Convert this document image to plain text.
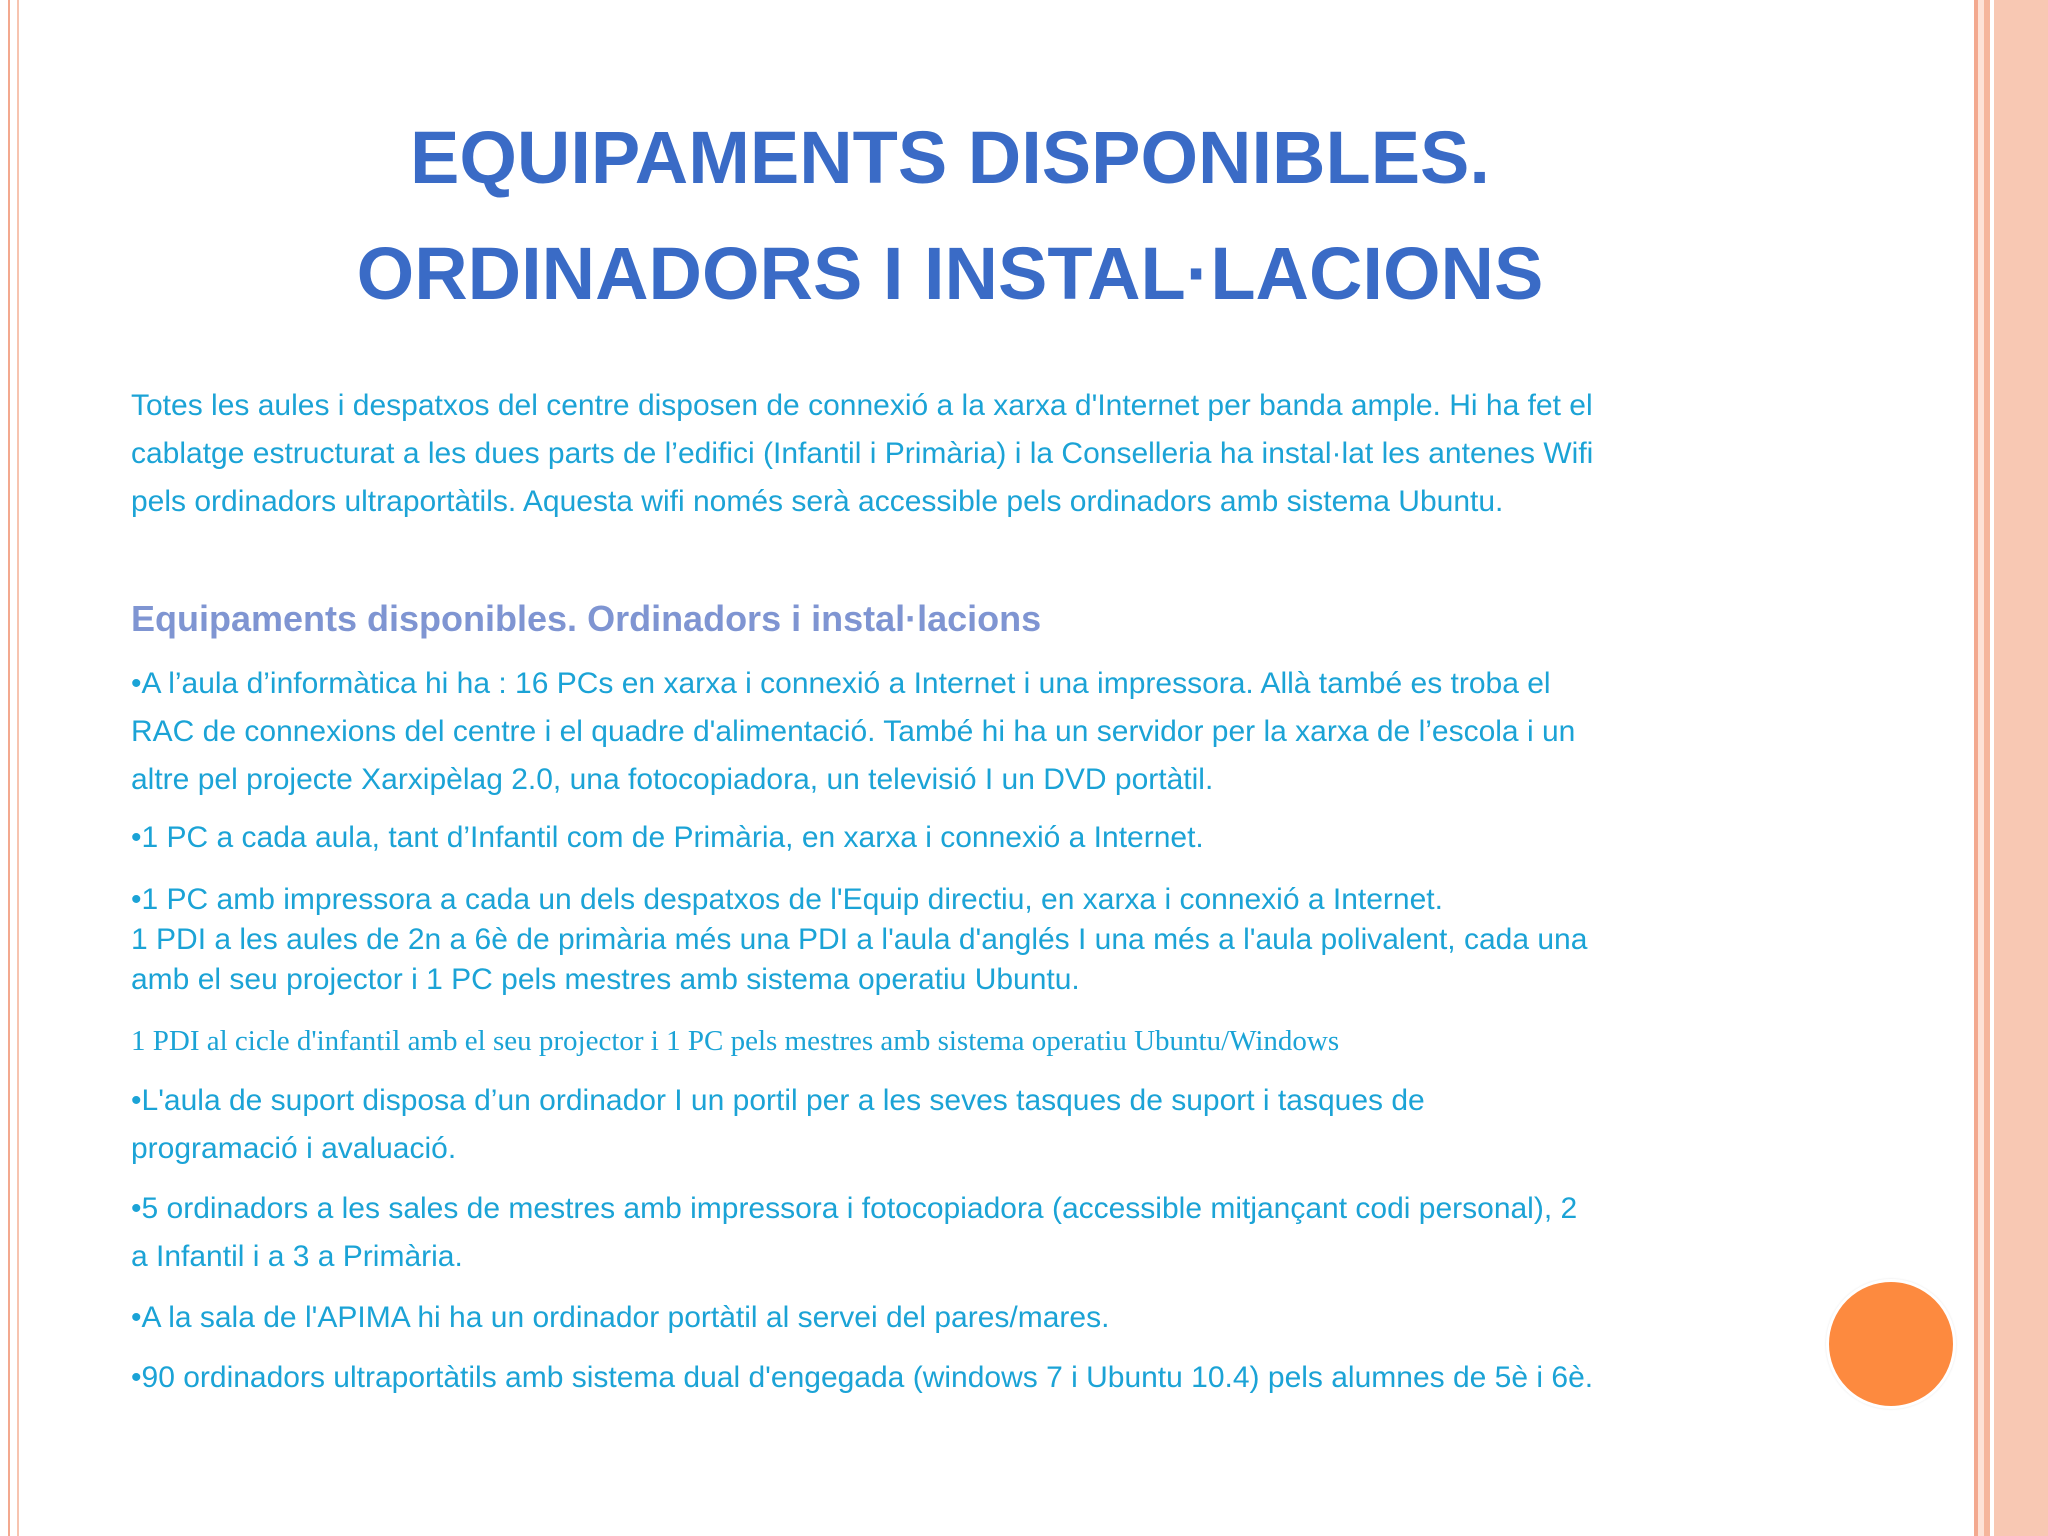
EQUIPAMENTS DISPONIBLES.
ORDINADORS I INSTAL·LACIONS
Totes les aules i despatxos del centre disposen de connexió a la xarxa d'Internet per banda ample. Hi ha fet el
cablatge estructurat a les dues parts de l’edifici (Infantil i Primària) i la Conselleria ha instal·lat les antenes Wifi
pels ordinadors ultraportàtils. Aquesta wifi només serà accessible pels ordinadors amb sistema Ubuntu.
Equipaments disponibles. Ordinadors i instal·lacions
•A l’aula d’informàtica hi ha : 16 PCs en xarxa i connexió a Internet i una impressora. Allà també es troba el
RAC de connexions del centre i el quadre d'alimentació. També hi ha un servidor per la xarxa de l’escola i un
altre pel projecte Xarxipèlag 2.0, una fotocopiadora, un televisió I un DVD portàtil.
•1 PC a cada aula, tant d’Infantil com de Primària, en xarxa i connexió a Internet.
•1 PC amb impressora a cada un dels despatxos de l'Equip directiu, en xarxa i connexió a Internet.
1 PDI a les aules de 2n a 6è de primària més una PDI a l'aula d'anglés I una més a l'aula polivalent, cada una
amb el seu projector i 1 PC pels mestres amb sistema operatiu Ubuntu.
1 PDI al cicle d'infantil amb el seu projector i 1 PC pels mestres amb sistema operatiu Ubuntu/Windows
•L'aula de suport disposa d’un ordinador I un portil per a les seves tasques de suport i tasques de
programació i avaluació.
•5 ordinadors a les sales de mestres amb impressora i fotocopiadora (accessible mitjançant codi personal), 2
a Infantil i a 3 a Primària.
•A la sala de l'APIMA hi ha un ordinador portàtil al servei del pares/mares.
•90 ordinadors ultraportàtils amb sistema dual d'engegada (windows 7 i Ubuntu 10.4) pels alumnes de 5è i 6è.
